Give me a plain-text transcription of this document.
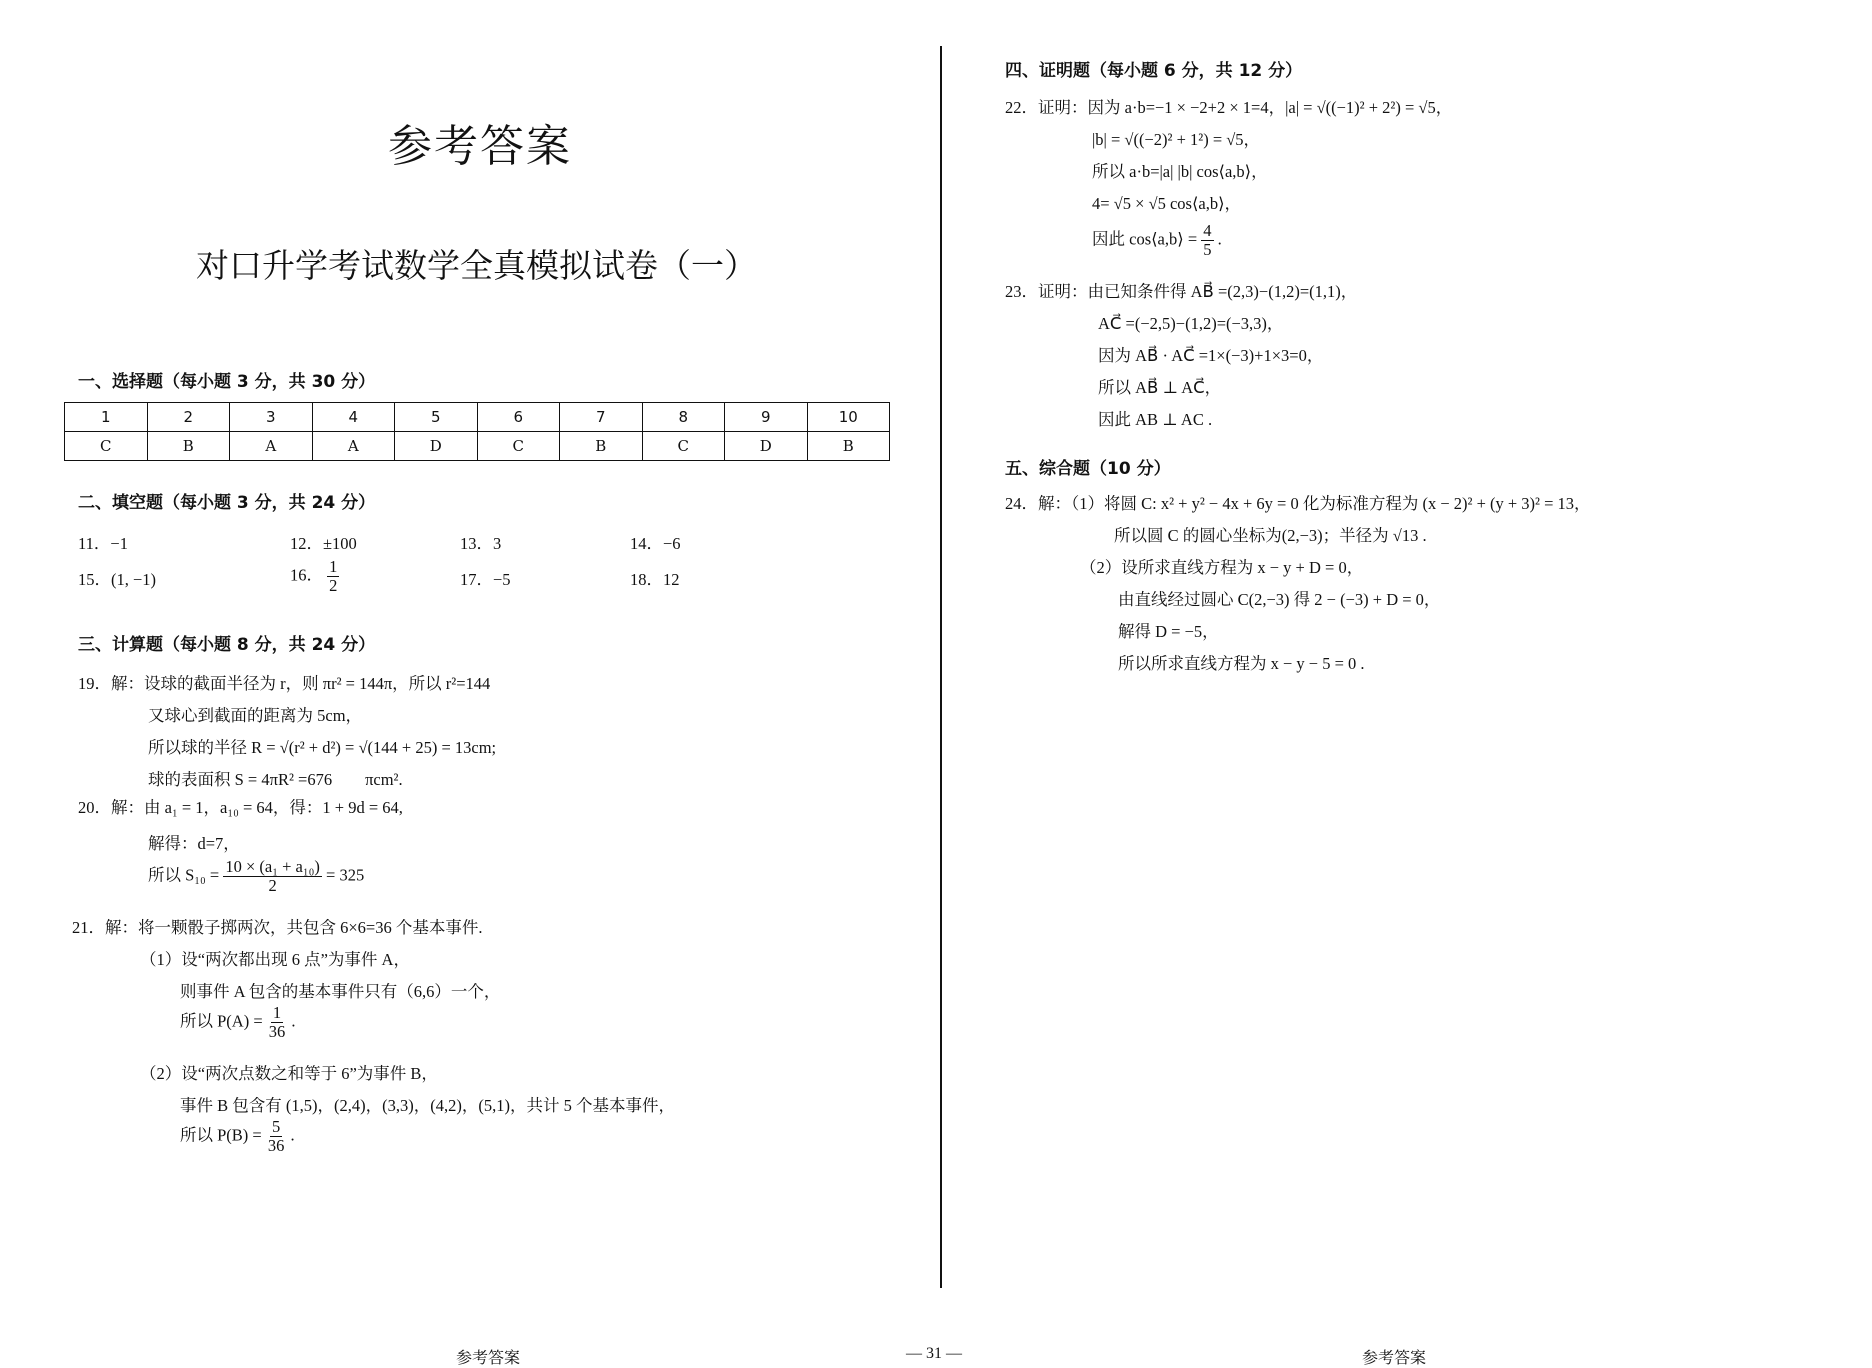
参考答案
对口升学考试数学全真模拟试卷（一）
一、选择题（每小题 3 分，共 30 分）
1	2	3	4	5	6	7	8	9	10
C	B	A	A	D	C	B	C	D	B
二、填空题（每小题 3 分，共 24 分）
11．−1	12．±100	13．3	14．−6
15．(1, −1)	16． $\frac{1}{2}$	17．−5	18．12
三、计算题（每小题 8 分，共 24 分）
19．解：设球的截面半径为 r，则 πr² = 144π，所以 r²=144
又球心到截面的距离为 5cm，
所以球的半径 R = √(r² + d²) = √(144 + 25) = 13cm;
球的表面积 S = 4πR² =676　　πcm².
20．解：由 a₁ = 1，a₁₀ = 64，得：1 + 9d = 64,
解得：d=7，
所以 $S_{10} = \frac{\text{10 × (a₁ + a₁₀)}}{2} = 325$
21．解：将一颗骰子掷两次，共包含 6×6=36 个基本事件.
（1）设“两次都出现 6 点”为事件 A，
则事件 A 包含的基本事件只有（6,6）一个，
所以 $P(A) = \frac{1}{36}$ .
（2）设“两次点数之和等于 6”为事件 B，
事件 B 包含有 (1,5)，(2,4)，(3,3)，(4,2)，(5,1)，共计 5 个基本事件，
所以 $P(B) = \frac{5}{36}$ .
四、证明题（每小题 6 分，共 12 分）
22．证明：因为 a·b=−1 × −2+2 × 1=4，|a| = √((−1)² + 2²) = √5，
|b| = √((−2)² + 1²) = √5，
所以 a·b=|a| |b| cos⟨a,b⟩，
4= √5 × √5 cos⟨a,b⟩，
因此 cos⟨a,b⟩ = $\frac{4}{5}$ .
23．证明：由已知条件得 AB⃗ =(2,3)−(1,2)=(1,1)，
AC⃗ =(−2,5)−(1,2)=(−3,3)，
因为 AB⃗ · AC⃗ =1×(−3)+1×3=0，
所以 AB⃗ ⊥ AC⃗，
因此 AB ⊥ AC .
五、综合题（10 分）
24．解：（1）将圆 C: x² + y² − 4x + 6y = 0 化为标准方程为 (x − 2)² + (y + 3)² = 13，
所以圆 C 的圆心坐标为(2,−3)；半径为 √13 .
（2）设所求直线方程为 x − y + D = 0，
由直线经过圆心 C(2,−3) 得 2 − (−3) + D = 0，
解得 D = −5，
所以所求直线方程为 x − y − 5 = 0 .
参考答案	— 31 —	参考答案
